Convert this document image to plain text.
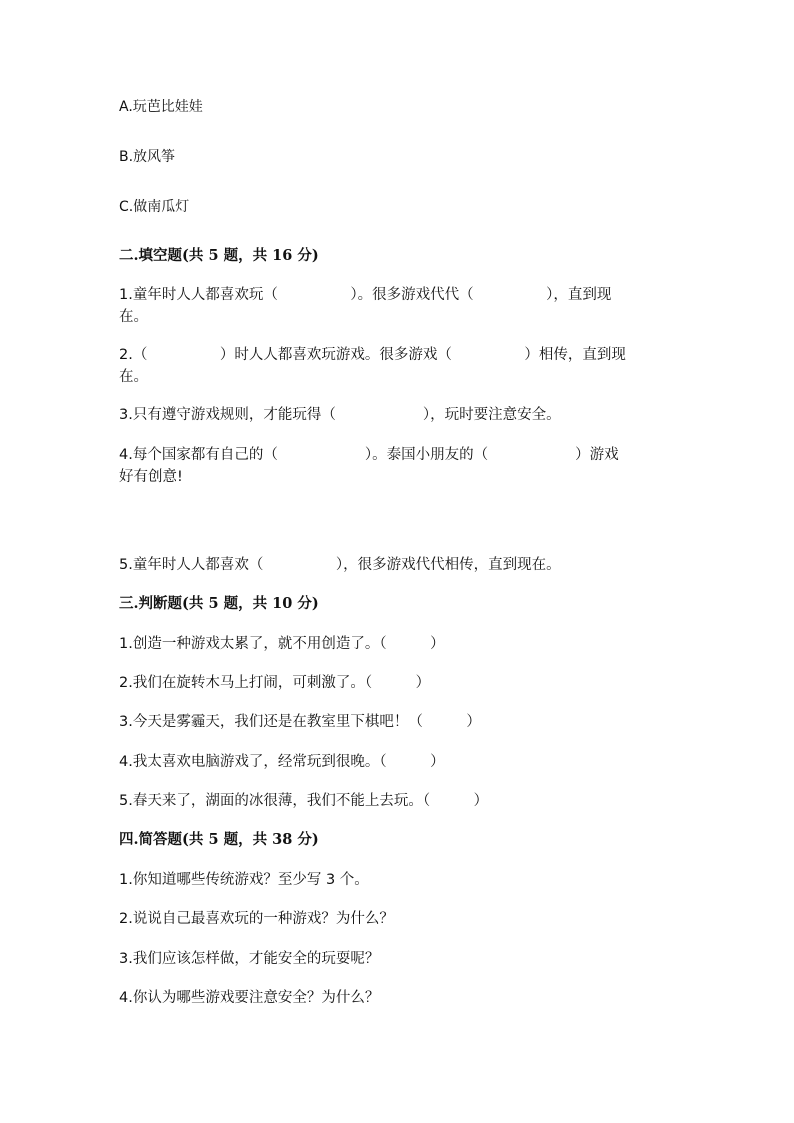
A.玩芭比娃娃
B.放风筝
C.做南瓜灯
二.填空题(共 5 题，共 16 分)
1.童年时人人都喜欢玩（　　　　　）。很多游戏代代（　　　　　），直到现
在。
2.（　　　　　）时人人都喜欢玩游戏。很多游戏（　　　　　）相传，直到现
在。
3.只有遵守游戏规则，才能玩得（　　　　　　），玩时要注意安全。
4.每个国家都有自己的（　　　　　　）。泰国小朋友的（　　　　　　）游戏
好有创意!
5.童年时人人都喜欢（　　　　　），很多游戏代代相传，直到现在。
三.判断题(共 5 题，共 10 分)
1.创造一种游戏太累了，就不用创造了。（　　　）
2.我们在旋转木马上打闹，可刺激了。（　　　）
3.今天是雾霾天，我们还是在教室里下棋吧！（　　　）
4.我太喜欢电脑游戏了，经常玩到很晚。（　　　）
5.春天来了，湖面的冰很薄，我们不能上去玩。（　　　）
四.简答题(共 5 题，共 38 分)
1.你知道哪些传统游戏？至少写 3 个。
2.说说自己最喜欢玩的一种游戏？为什么？
3.我们应该怎样做，才能安全的玩耍呢？
4.你认为哪些游戏要注意安全？为什么？
